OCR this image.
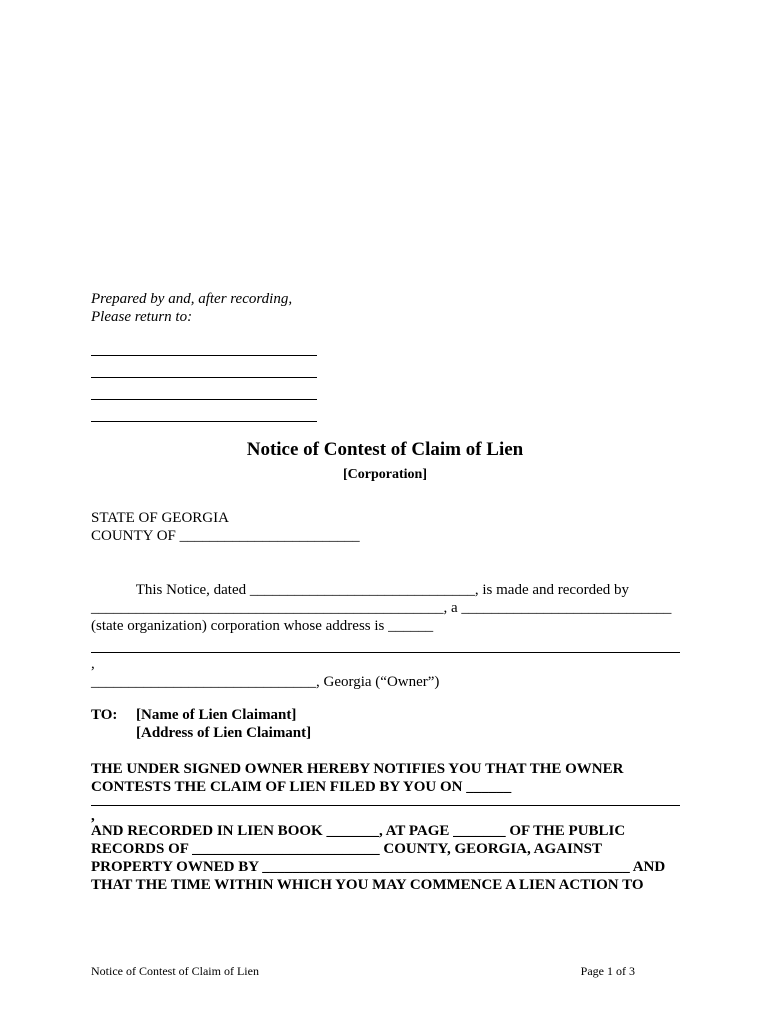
Prepared by and, after recording,
Please return to:
Notice of Contest of Claim of Lien
[Corporation]
STATE OF GEORGIA
COUNTY OF ________________________
This Notice, dated ______________________________, is made and recorded by
_______________________________________________, a ____________________________
(state organization) corporation whose address is ______
,
______________________________, Georgia (“Owner”)
TO: [Name of Lien Claimant]
[Address of Lien Claimant]
THE UNDER SIGNED OWNER HEREBY NOTIFIES YOU THAT THE OWNER
CONTESTS THE CLAIM OF LIEN FILED BY YOU ON ______
,
AND RECORDED IN LIEN BOOK _______, AT PAGE _______ OF THE PUBLIC
RECORDS OF _________________________ COUNTY, GEORGIA, AGAINST
PROPERTY OWNED BY _________________________________________________ AND
THAT THE TIME WITHIN WHICH YOU MAY COMMENCE A LIEN ACTION TO
Notice of Contest of Claim of Lien	Page 1 of 3
